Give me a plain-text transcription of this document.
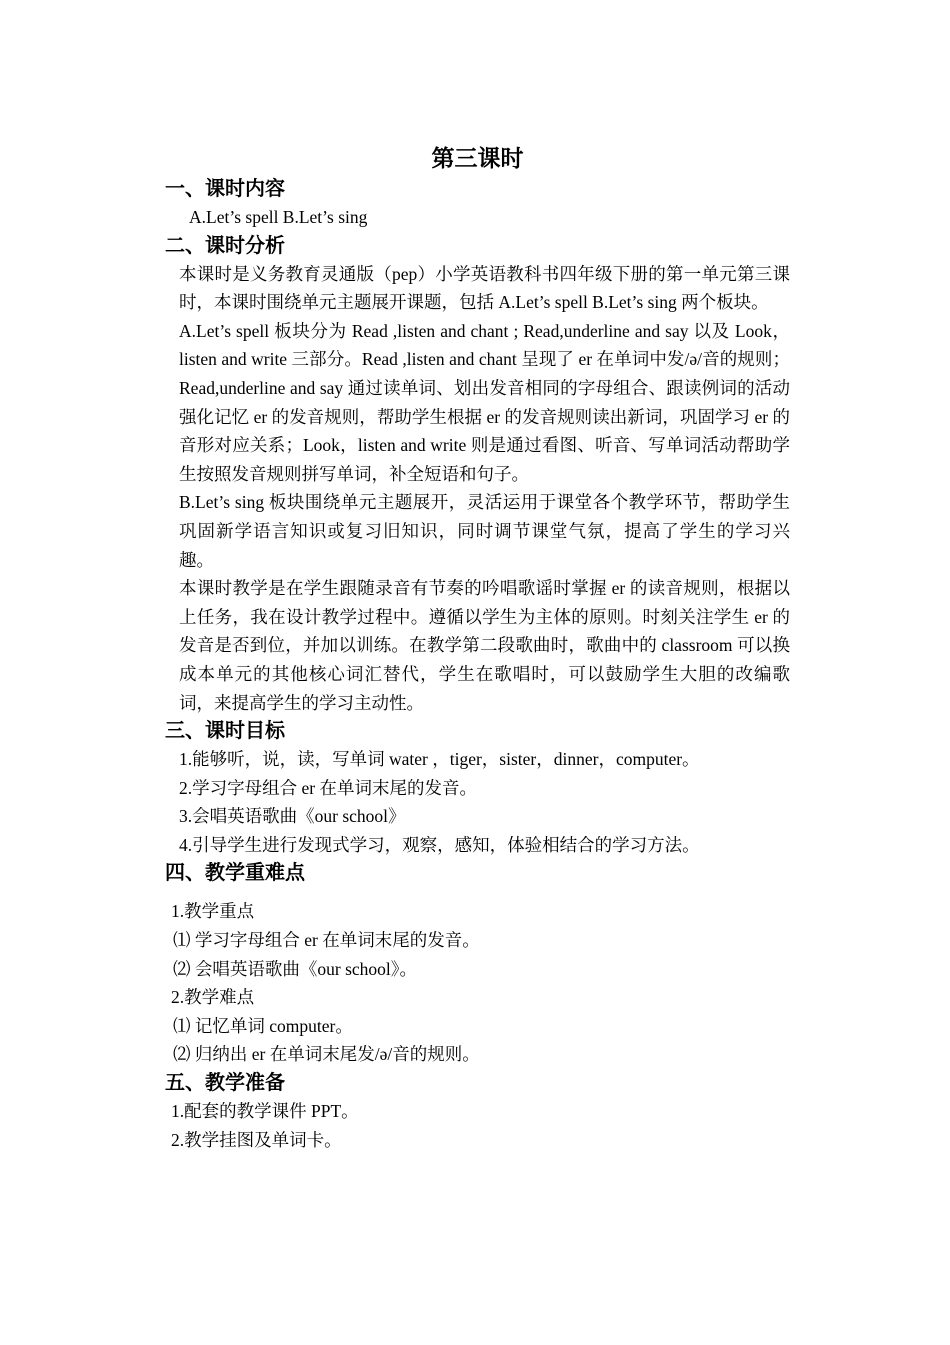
第三课时
一、课时内容

A.Let’s spell B.Let’s sing

二、课时分析

本课时是义务教育灵通版（pep）小学英语教科书四年级下册的第一单元第三课时，本课时围绕单元主题展开课题，包括 A.Let’s spell B.Let’s sing 两个板块。

A.Let’s spell 板块分为 Read ,listen and chant ; Read,underline and say 以及 Look，listen and write 三部分。Read ,listen and chant 呈现了 er 在单词中发/ə/音的规则；Read,underline and say 通过读单词、划出发音相同的字母组合、跟读例词的活动强化记忆 er 的发音规则，帮助学生根据 er 的发音规则读出新词，巩固学习 er 的音形对应关系；Look，listen and write 则是通过看图、听音、写单词活动帮助学生按照发音规则拼写单词，补全短语和句子。

B.Let’s sing 板块围绕单元主题展开，灵活运用于课堂各个教学环节，帮助学生巩固新学语言知识或复习旧知识，同时调节课堂气氛，提高了学生的学习兴趣。

本课时教学是在学生跟随录音有节奏的吟唱歌谣时掌握 er 的读音规则，根据以上任务，我在设计教学过程中。遵循以学生为主体的原则。时刻关注学生 er 的发音是否到位，并加以训练。在教学第二段歌曲时，歌曲中的 classroom 可以换成本单元的其他核心词汇替代，学生在歌唱时，可以鼓励学生大胆的改编歌词，来提高学生的学习主动性。

三、课时目标

1.能够听，说，读，写单词 water ，tiger，sister，dinner，computer。

2.学习字母组合 er 在单词末尾的发音。

3.会唱英语歌曲《our school》

4.引导学生进行发现式学习，观察，感知，体验相结合的学习方法。

四、教学重难点

1.教学重点

⑴ 学习字母组合 er 在单词末尾的发音。

⑵ 会唱英语歌曲《our school》。

2.教学难点

⑴ 记忆单词 computer。

⑵ 归纳出 er 在单词末尾发/ə/音的规则。

五、教学准备

1.配套的教学课件 PPT。

2.教学挂图及单词卡。
